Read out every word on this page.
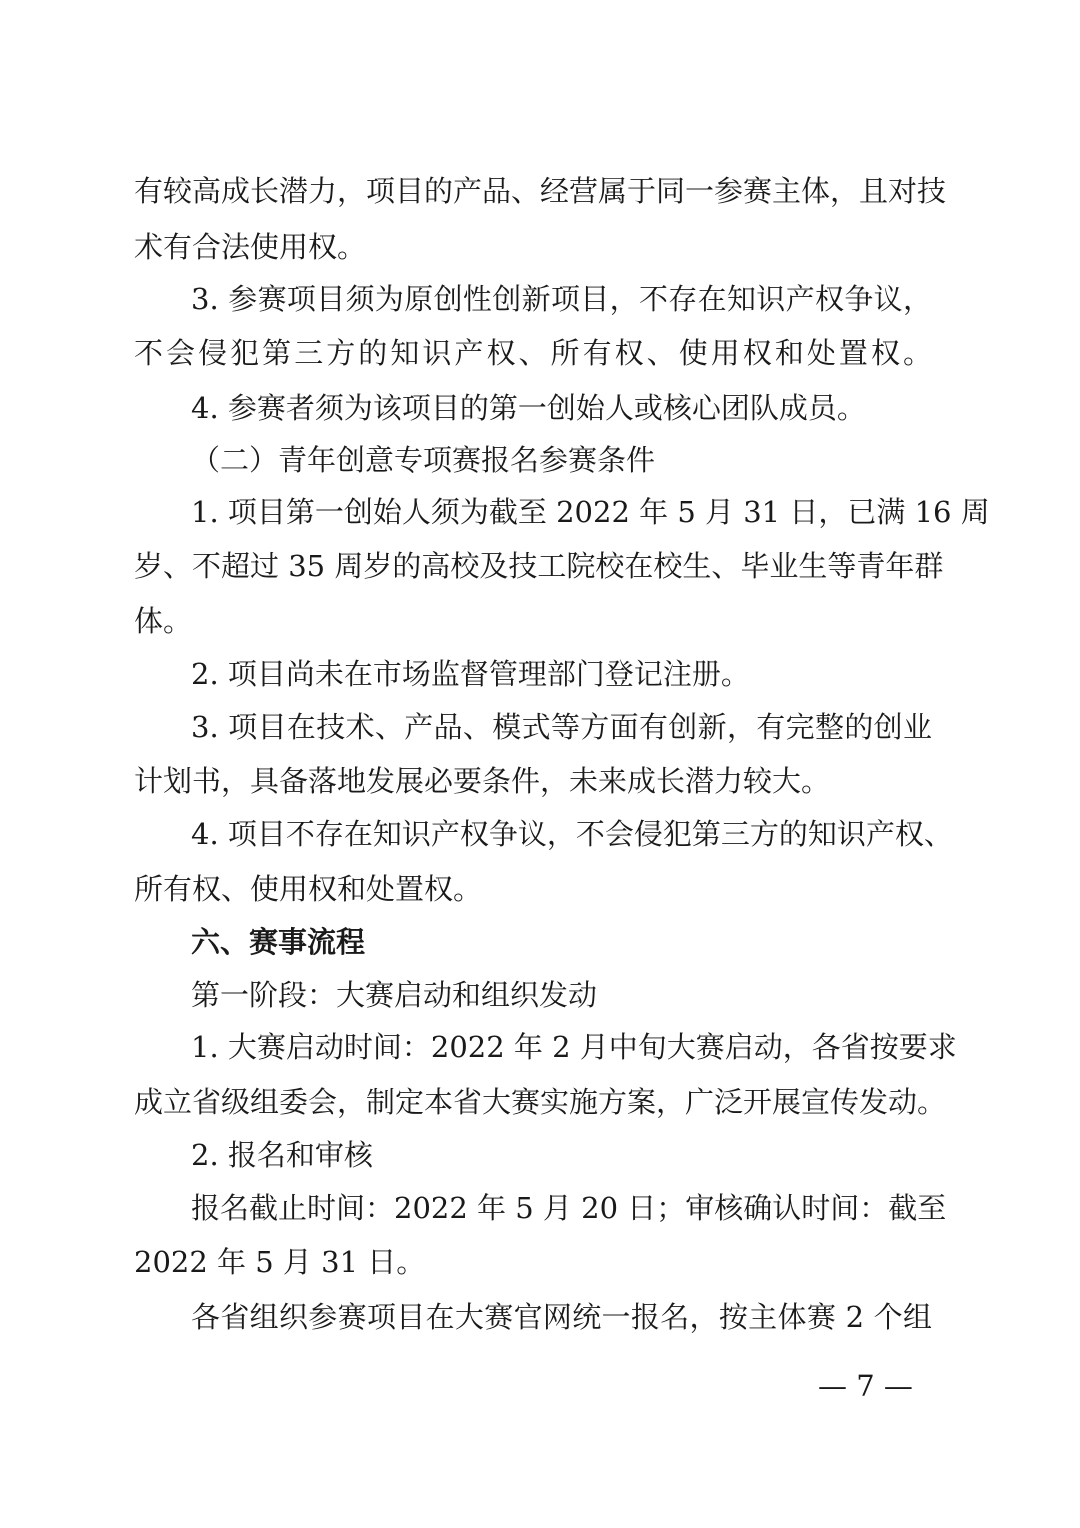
有较高成长潜力，项目的产品、经营属于同一参赛主体，且对技
术有合法使用权。
3. 参赛项目须为原创性创新项目，不存在知识产权争议，
不会侵犯第三方的知识产权、所有权、使用权和处置权。
4. 参赛者须为该项目的第一创始人或核心团队成员。
（二）青年创意专项赛报名参赛条件
1. 项目第一创始人须为截至 2022 年 5 月 31 日，已满 16 周
岁、不超过 35 周岁的高校及技工院校在校生、毕业生等青年群
体。
2. 项目尚未在市场监督管理部门登记注册。
3. 项目在技术、产品、模式等方面有创新，有完整的创业
计划书，具备落地发展必要条件，未来成长潜力较大。
4. 项目不存在知识产权争议，不会侵犯第三方的知识产权、
所有权、使用权和处置权。
六、赛事流程
第一阶段：大赛启动和组织发动
1. 大赛启动时间：2022 年 2 月中旬大赛启动，各省按要求
成立省级组委会，制定本省大赛实施方案，广泛开展宣传发动。
2. 报名和审核
报名截止时间：2022 年 5 月 20 日；审核确认时间：截至
2022 年 5 月 31 日。
各省组织参赛项目在大赛官网统一报名，按主体赛 2 个组
— 7 —
